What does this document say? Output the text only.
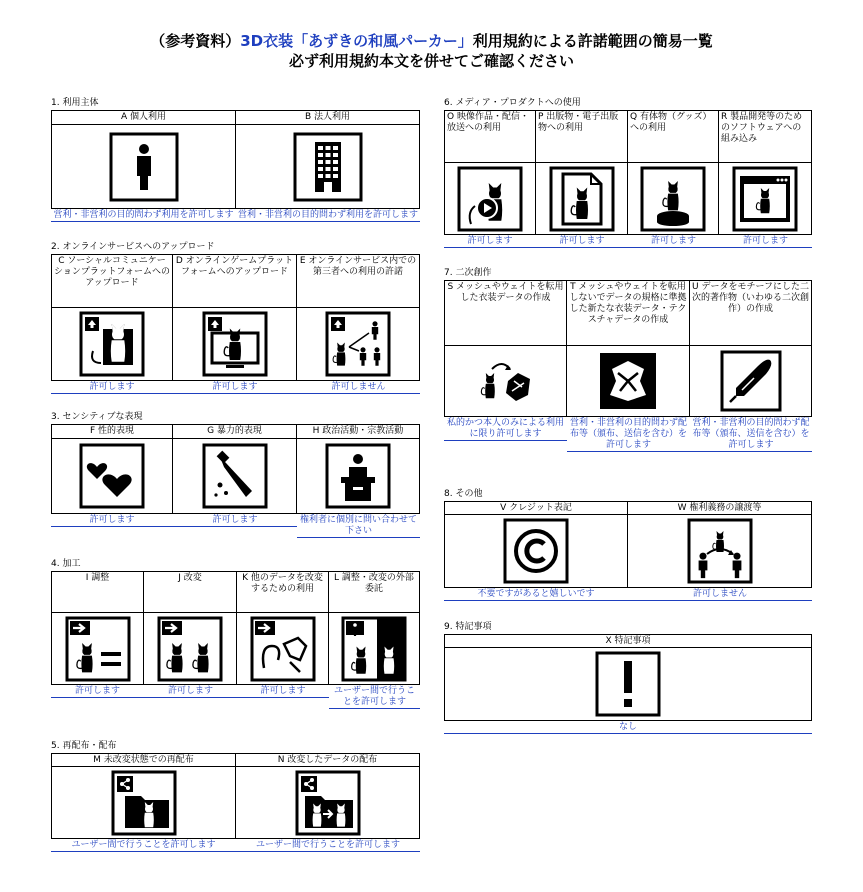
（参考資料）3D衣装「あずきの和風パーカー」利用規約による許諾範囲の簡易一覧
必ず利用規約本文を併せてご確認ください
1. 利用主体
A 個人利用
営利・非営利の目的問わず利用を許可します
B 法人利用
営利・非営利の目的問わず利用を許可します
2. オンラインサービスへのアップロード
C ソーシャルコミュニケーションプラットフォームへのアップロード
許可します
D オンラインゲームプラットフォームへのアップロード
許可します
E オンラインサービス内での第三者への利用の許諾
許可しません
3. センシティブな表現
F 性的表現
許可します
G 暴力的表現
許可します
H 政治活動・宗教活動
権利者に個別に問い合わせて下さい
4. 加工
I 調整
許可します
J 改変
許可します
K 他のデータを改変するための利用
許可します
L 調整・改変の外部委託
ユーザー間で行うことを許可します
5. 再配布・配布
M 未改変状態での再配布
ユーザー間で行うことを許可します
N 改変したデータの配布
ユーザー間で行うことを許可します
6. メディア・プロダクトへの使用
O 映像作品・配信・放送への利用
許可します
P 出版物・電子出版物への利用
許可します
Q 有体物（グッズ）への利用
許可します
R 製品開発等のためのソフトウェアへの組み込み
許可します
7. 二次創作
S メッシュやウェイトを転用した衣装データの作成
私的かつ本人のみによる利用に限り許可します
T メッシュやウェイトを転用しないでデータの規格に準拠した新たな衣装データ・テクスチャデータの作成
営利・非営利の目的問わず配布等（頒布、送信を含む）を許可します
U データをモチーフにした二次的著作物（いわゆる二次創作）の作成
営利・非営利の目的問わず配布等（頒布、送信を含む）を許可します
8. その他
V クレジット表記
不要ですがあると嬉しいです
W 権利義務の譲渡等
許可しません
9. 特記事項
X 特記事項
なし
